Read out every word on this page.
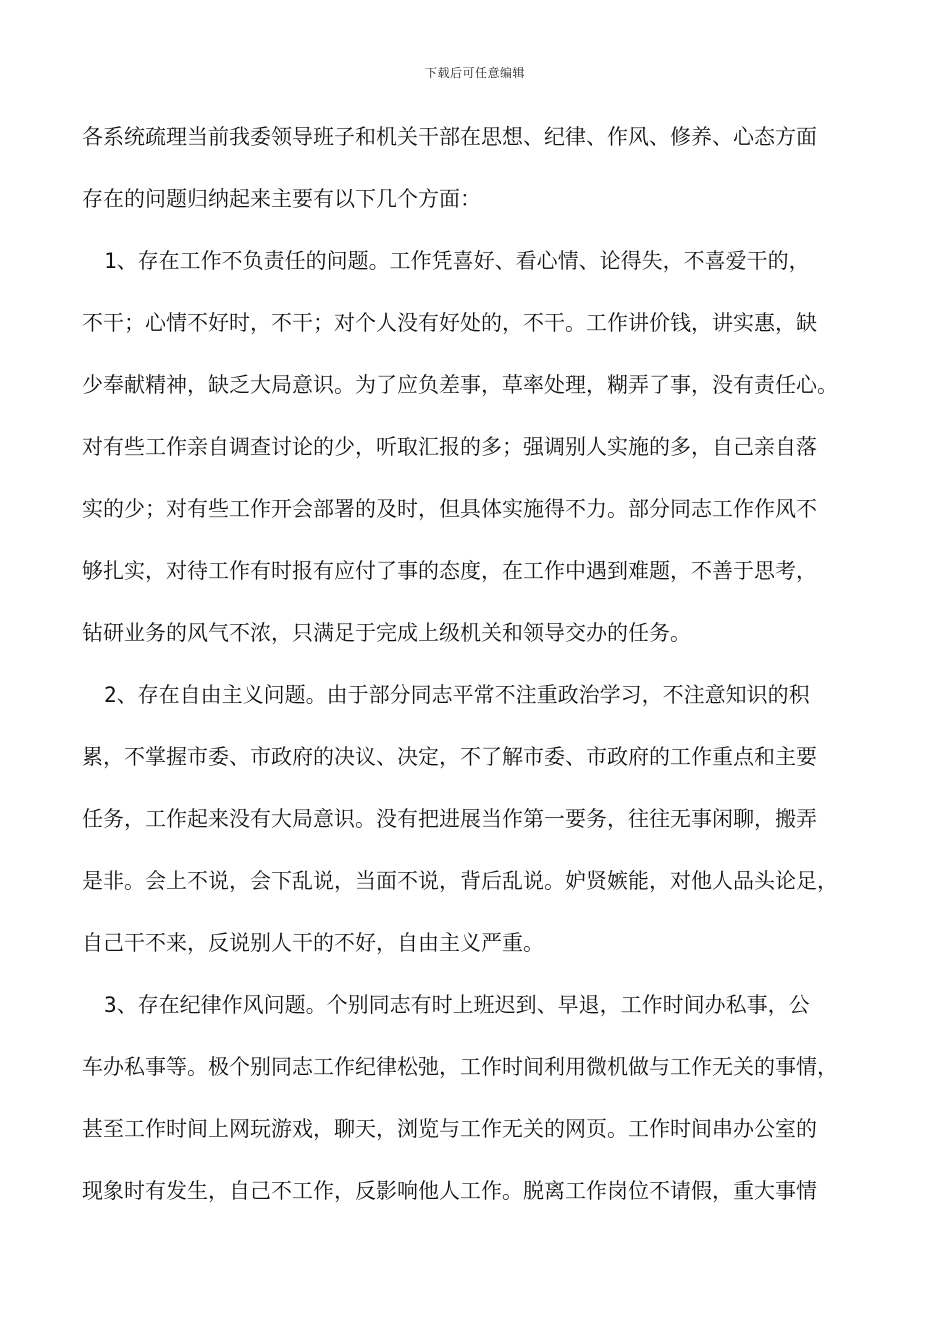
下载后可任意编辑
各系统疏理当前我委领导班子和机关干部在思想、纪律、作风、修养、心态方面
存在的问题归纳起来主要有以下几个方面：
1、存在工作不负责任的问题。工作凭喜好、看心情、论得失，不喜爱干的，
不干；心情不好时，不干；对个人没有好处的，不干。工作讲价钱，讲实惠，缺
少奉献精神，缺乏大局意识。为了应负差事，草率处理，糊弄了事，没有责任心。
对有些工作亲自调查讨论的少，听取汇报的多；强调别人实施的多，自己亲自落
实的少；对有些工作开会部署的及时，但具体实施得不力。部分同志工作作风不
够扎实，对待工作有时报有应付了事的态度，在工作中遇到难题，不善于思考，
钻研业务的风气不浓，只满足于完成上级机关和领导交办的任务。
2、存在自由主义问题。由于部分同志平常不注重政治学习，不注意知识的积
累，不掌握市委、市政府的决议、决定，不了解市委、市政府的工作重点和主要
任务，工作起来没有大局意识。没有把进展当作第一要务，往往无事闲聊，搬弄
是非。会上不说，会下乱说，当面不说，背后乱说。妒贤嫉能，对他人品头论足，
自己干不来，反说别人干的不好，自由主义严重。
3、存在纪律作风问题。个别同志有时上班迟到、早退，工作时间办私事，公
车办私事等。极个别同志工作纪律松弛，工作时间利用微机做与工作无关的事情，
甚至工作时间上网玩游戏，聊天，浏览与工作无关的网页。工作时间串办公室的
现象时有发生，自己不工作，反影响他人工作。脱离工作岗位不请假，重大事情
